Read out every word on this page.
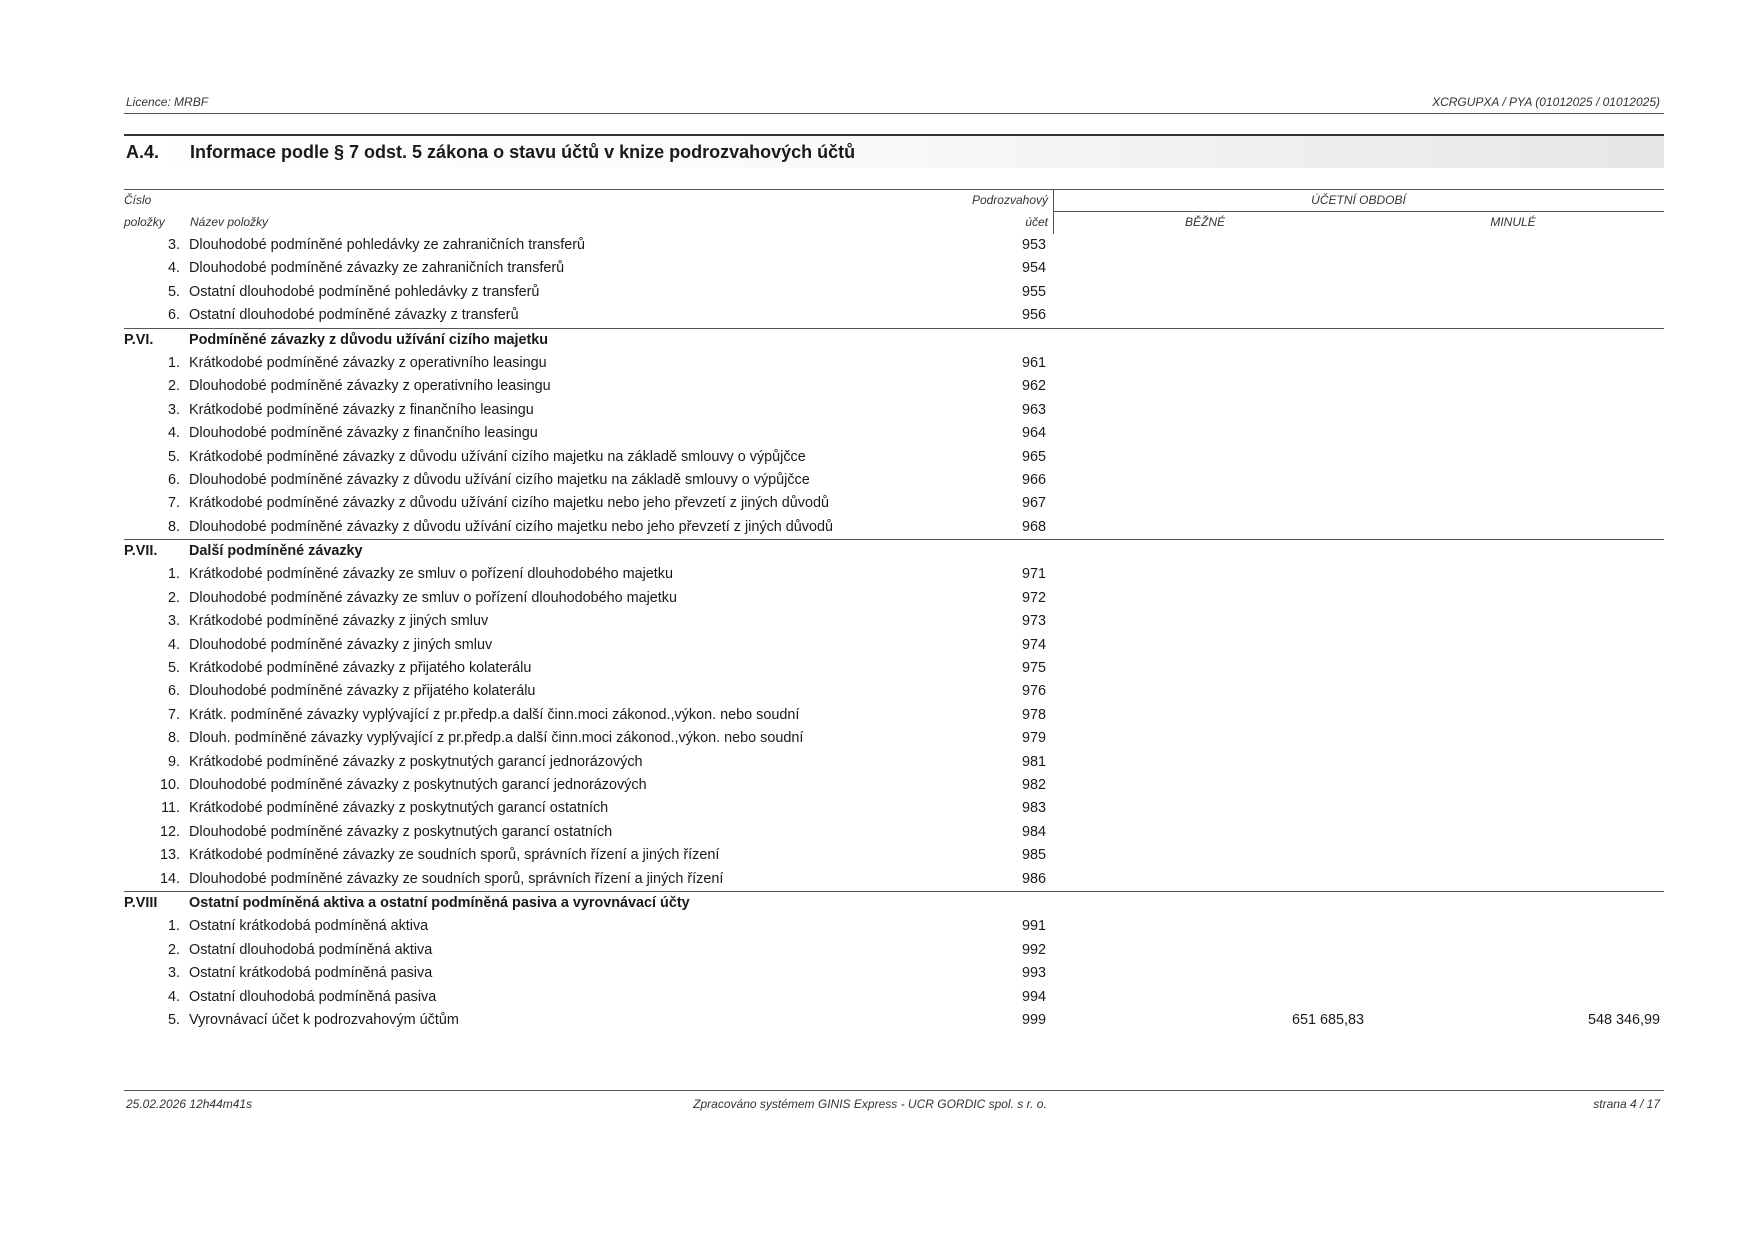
Licence: MRBF	XCRGUPXA / PYA (01012025 / 01012025)
A.4. Informace podle § 7 odst. 5 zákona o stavu účtů v knize podrozvahových účtů
Číslo
položky Název položky
Podrozvahový
účet
ÚČETNÍ OBDOBÍ
BĚŽNÉ	MINULÉ
3. Dlouhodobé podmíněné pohledávky ze zahraničních transferů	953
4. Dlouhodobé podmíněné závazky ze zahraničních transferů	954
5. Ostatní dlouhodobé podmíněné pohledávky z transferů	955
6. Ostatní dlouhodobé podmíněné závazky z transferů	956
P.VI.	Podmíněné závazky z důvodu užívání cizího majetku
1. Krátkodobé podmíněné závazky z operativního leasingu	961
2. Dlouhodobé podmíněné závazky z operativního leasingu	962
3. Krátkodobé podmíněné závazky z finančního leasingu	963
4. Dlouhodobé podmíněné závazky z finančního leasingu	964
5. Krátkodobé podmíněné závazky z důvodu užívání cizího majetku na základě smlouvy o výpůjčce	965
6. Dlouhodobé podmíněné závazky z důvodu užívání cizího majetku na základě smlouvy o výpůjčce	966
7. Krátkodobé podmíněné závazky z důvodu užívání cizího majetku nebo jeho převzetí z jiných důvodů	967
8. Dlouhodobé podmíněné závazky z důvodu užívání cizího majetku nebo jeho převzetí z jiných důvodů	968
P.VII.	Další podmíněné závazky
1. Krátkodobé podmíněné závazky ze smluv o pořízení dlouhodobého majetku	971
2. Dlouhodobé podmíněné závazky ze smluv o pořízení dlouhodobého majetku	972
3. Krátkodobé podmíněné závazky z jiných smluv	973
4. Dlouhodobé podmíněné závazky z jiných smluv	974
5. Krátkodobé podmíněné závazky z přijatého kolaterálu	975
6. Dlouhodobé podmíněné závazky z přijatého kolaterálu	976
7. Krátk. podmíněné závazky vyplývající z pr.předp.a další činn.moci zákonod.,výkon. nebo soudní	978
8. Dlouh. podmíněné závazky vyplývající z pr.předp.a další činn.moci zákonod.,výkon. nebo soudní	979
9. Krátkodobé podmíněné závazky z poskytnutých garancí jednorázových	981
10. Dlouhodobé podmíněné závazky z poskytnutých garancí jednorázových	982
11. Krátkodobé podmíněné závazky z poskytnutých garancí ostatních	983
12. Dlouhodobé podmíněné závazky z poskytnutých garancí ostatních	984
13. Krátkodobé podmíněné závazky ze soudních sporů, správních řízení a jiných řízení	985
14. Dlouhodobé podmíněné závazky ze soudních sporů, správních řízení a jiných řízení	986
P.VIII	Ostatní podmíněná aktiva a ostatní podmíněná pasiva a vyrovnávací účty
1. Ostatní krátkodobá podmíněná aktiva	991
2. Ostatní dlouhodobá podmíněná aktiva	992
3. Ostatní krátkodobá podmíněná pasiva	993
4. Ostatní dlouhodobá podmíněná pasiva	994
5. Vyrovnávací účet k podrozvahovým účtům	999	651 685,83	548 346,99
25.02.2026 12h44m41s	Zpracováno systémem GINIS Express - UCR GORDIC spol. s r. o.	strana 4 / 17
